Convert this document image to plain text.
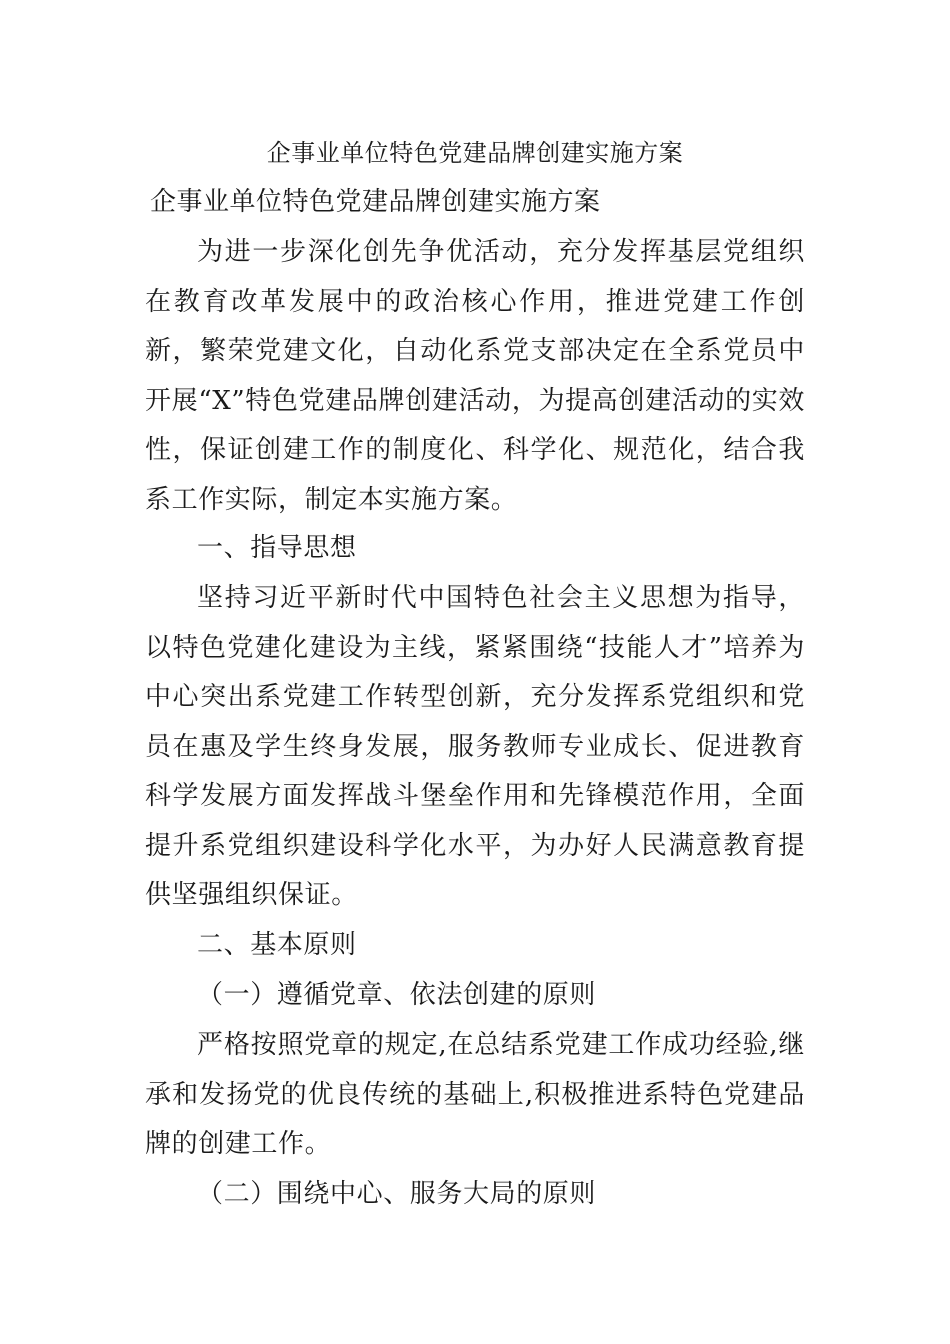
企事业单位特色党建品牌创建实施方案
企事业单位特色党建品牌创建实施方案

为进一步深化创先争优活动，充分发挥基层党组织在教育改革发展中的政治核心作用，推进党建工作创新，繁荣党建文化，自动化系党支部决定在全系党员中开展“X”特色党建品牌创建活动，为提高创建活动的实效性，保证创建工作的制度化、科学化、规范化，结合我系工作实际，制定本实施方案。

一、指导思想

坚持习近平新时代中国特色社会主义思想为指导，以特色党建化建设为主线，紧紧围绕“技能人才”培养为中心突出系党建工作转型创新，充分发挥系党组织和党员在惠及学生终身发展，服务教师专业成长、促进教育科学发展方面发挥战斗堡垒作用和先锋模范作用，全面提升系党组织建设科学化水平，为办好人民满意教育提供坚强组织保证。

二、基本原则

（一）遵循党章、依法创建的原则

严格按照党章的规定,在总结系党建工作成功经验,继承和发扬党的优良传统的基础上,积极推进系特色党建品牌的创建工作。

（二）围绕中心、服务大局的原则
